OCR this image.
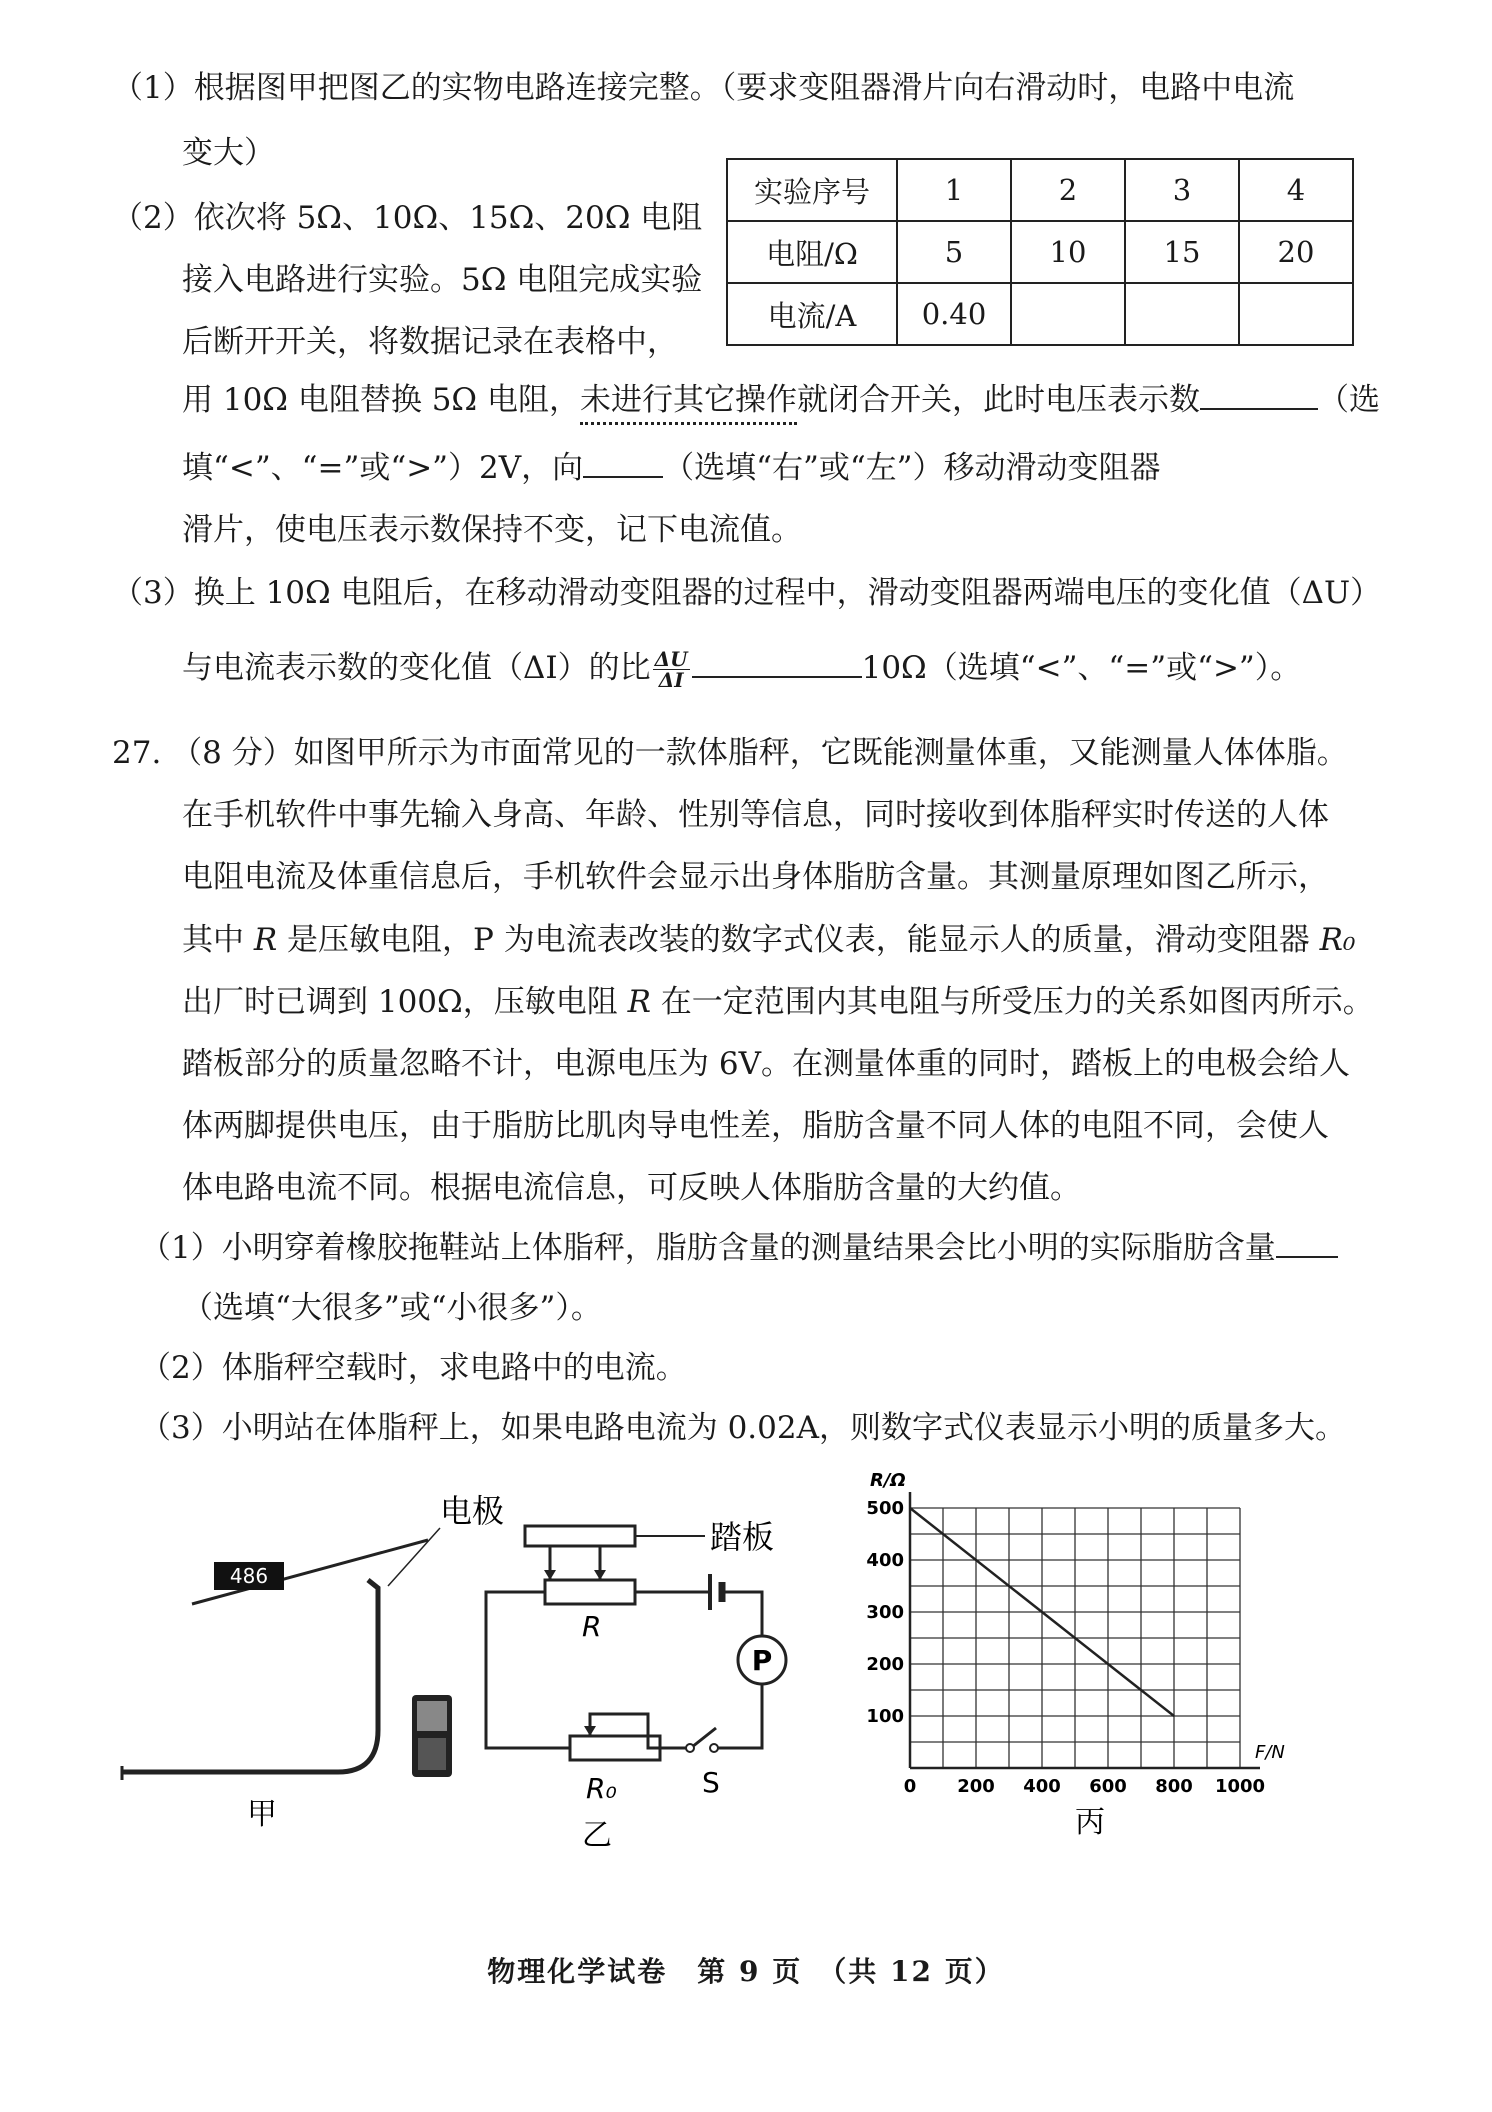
（1）根据图甲把图乙的实物电路连接完整。（要求变阻器滑片向右滑动时，电路中电流
变大）
（2）依次将 5Ω、10Ω、15Ω、20Ω 电阻
接入电路进行实验。5Ω 电阻完成实验
后断开开关，将数据记录在表格中，
实验序号	1	2	3	4
电阻/Ω	5	10	15	20
电流/A	0.40			
用 10Ω 电阻替换 5Ω 电阻，未进行其它操作就闭合开关，此时电压表示数	（选
填“<”、“=”或“>”）2V，向	（选填“右”或“左”）移动滑动变阻器
滑片，使电压表示数保持不变，记下电流值。
（3）换上 10Ω 电阻后，在移动滑动变阻器的过程中，滑动变阻器两端电压的变化值（ΔU）
与电流表示数的变化值（ΔI）的比 $\frac{\Delta U}{\Delta I}$	10Ω（选填“<”、“=”或“>”）。
27. （8 分）如图甲所示为市面常见的一款体脂秤，它既能测量体重，又能测量人体体脂。
在手机软件中事先输入身高、年龄、性别等信息，同时接收到体脂秤实时传送的人体
电阻电流及体重信息后，手机软件会显示出身体脂肪含量。其测量原理如图乙所示，
其中 R 是压敏电阻，P 为电流表改装的数字式仪表，能显示人的质量，滑动变阻器 R₀
出厂时已调到 100Ω，压敏电阻 R 在一定范围内其电阻与所受压力的关系如图丙所示。
踏板部分的质量忽略不计，电源电压为 6V。在测量体重的同时，踏板上的电极会给人
体两脚提供电压，由于脂肪比肌肉导电性差，脂肪含量不同人体的电阻不同，会使人
体电路电流不同。根据电流信息，可反映人体脂肪含量的大约值。
（1）小明穿着橡胶拖鞋站上体脂秤，脂肪含量的测量结果会比小明的实际脂肪含量
（选填“大很多”或“小很多”）。
（2）体脂秤空载时，求电路中的电流。
（3）小明站在体脂秤上，如果电路电流为 0.02A，则数字式仪表显示小明的质量多大。
486
电极
甲
踏板
R
P
R₀	S
乙
0 200 400 600 800 1000
100
200
300
400
500
R/Ω
F/N
丙
物理化学试卷　第 9 页　（共 12 页）
